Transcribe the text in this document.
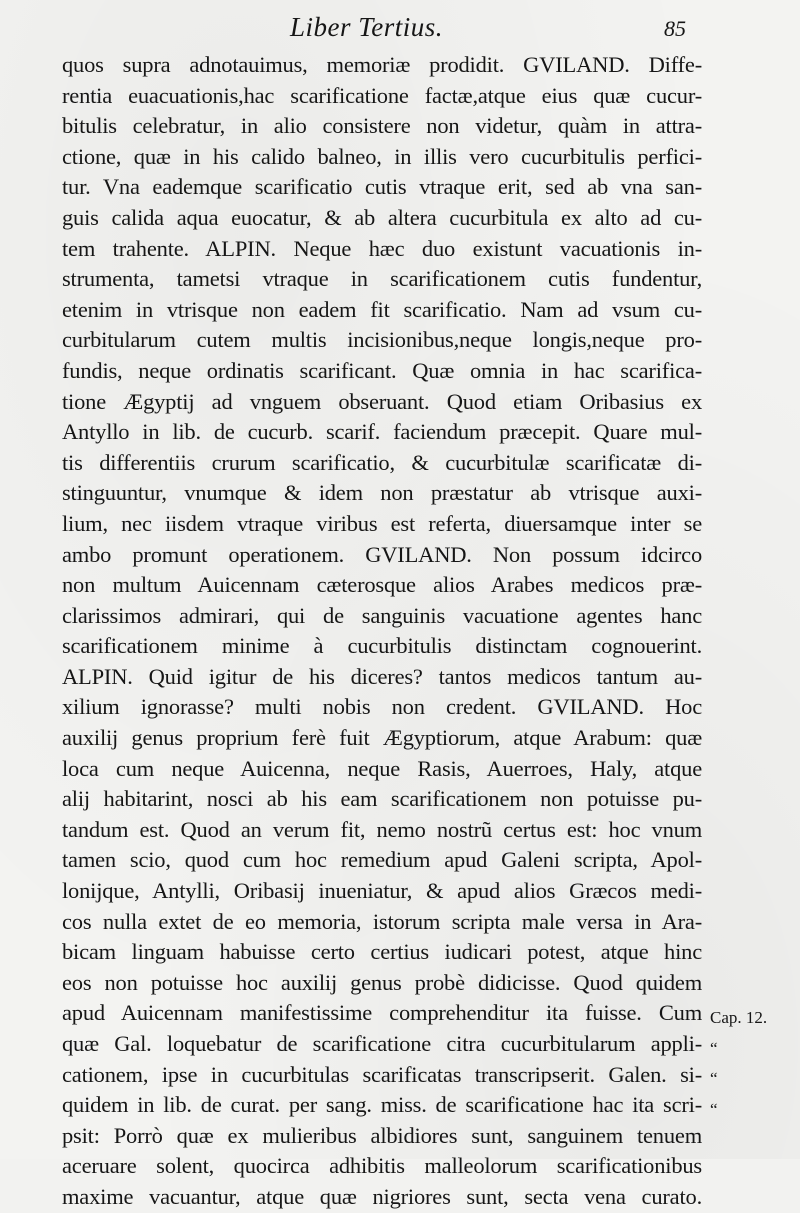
Liber Tertius.	85
quos supra adnotauimus, memoriæ prodidit. GVILAND. Diffe-
rentia euacuationis,hac scarificatione factæ,atque eius quæ cucur-
bitulis celebratur, in alio consistere non videtur, quàm in attra-
ctione, quæ in his calido balneo, in illis vero cucurbitulis perfici-
tur. Vna eademque scarificatio cutis vtraque erit, sed ab vna san-
guis calida aqua euocatur, & ab altera cucurbitula ex alto ad cu-
tem trahente. ALPIN. Neque hæc duo existunt vacuationis in-
strumenta, tametsi vtraque in scarificationem cutis fundentur,
etenim in vtrisque non eadem fit scarificatio. Nam ad vsum cu-
curbitularum cutem multis incisionibus,neque longis,neque pro-
fundis, neque ordinatis scarificant. Quæ omnia in hac scarifica-
tione Ægyptij ad vnguem obseruant. Quod etiam Oribasius ex
Antyllo in lib. de cucurb. scarif. faciendum præcepit. Quare mul-
tis differentiis crurum scarificatio, & cucurbitulæ scarificatæ di-
stinguuntur, vnumque & idem non præstatur ab vtrisque auxi-
lium, nec iisdem vtraque viribus est referta, diuersamque inter se
ambo promunt operationem. GVILAND. Non possum idcirco
non multum Auicennam cæterosque alios Arabes medicos præ-
clarissimos admirari, qui de sanguinis vacuatione agentes hanc
scarificationem minime à cucurbitulis distinctam cognouerint.
ALPIN. Quid igitur de his diceres? tantos medicos tantum au-
xilium ignorasse? multi nobis non credent. GVILAND. Hoc
auxilij genus proprium ferè fuit Ægyptiorum, atque Arabum: quæ
loca cum neque Auicenna, neque Rasis, Auerroes, Haly, atque
alij habitarint, nosci ab his eam scarificationem non potuisse pu-
tandum est. Quod an verum fit, nemo nostrũ certus est: hoc vnum
tamen scio, quod cum hoc remedium apud Galeni scripta, Apol-
lonijque, Antylli, Oribasij inueniatur, & apud alios Græcos medi-
cos nulla extet de eo memoria, istorum scripta male versa in Ara-
bicam linguam habuisse certo certius iudicari potest, atque hinc
eos non potuisse hoc auxilij genus probè didicisse. Quod quidem
apud Auicennam manifestissime comprehenditur ita fuisse. Cum
quæ Gal. loquebatur de scarificatione citra cucurbitularum appli-
cationem, ipse in cucurbitulas scarificatas transcripserit. Galen. si-
quidem in lib. de curat. per sang. miss. de scarificatione hac ita scri-
psit: Porrò quæ ex mulieribus albidiores sunt, sanguinem tenuem
aceruare solent, quocirca adhibitis malleolorum scarificationibus
maxime vacuantur, atque quæ nigriores sunt, secta vena curato.
Cap. 12.
“
“
“
